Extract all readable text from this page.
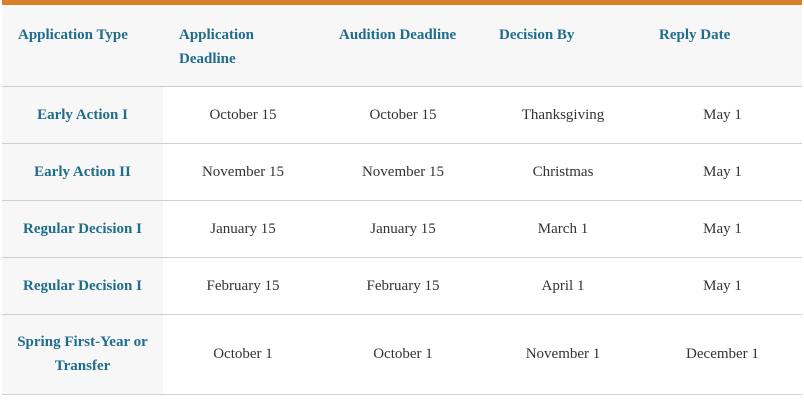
Application Type	Application Deadline	Audition Deadline	Decision By	Reply Date
Early Action I	October 15	October 15	Thanksgiving	May 1
Early Action II	November 15	November 15	Christmas	May 1
Regular Decision I	January 15	January 15	March 1	May 1
Regular Decision I	February 15	February 15	April 1	May 1
Spring First-Year or Transfer	October 1	October 1	November 1	December 1
